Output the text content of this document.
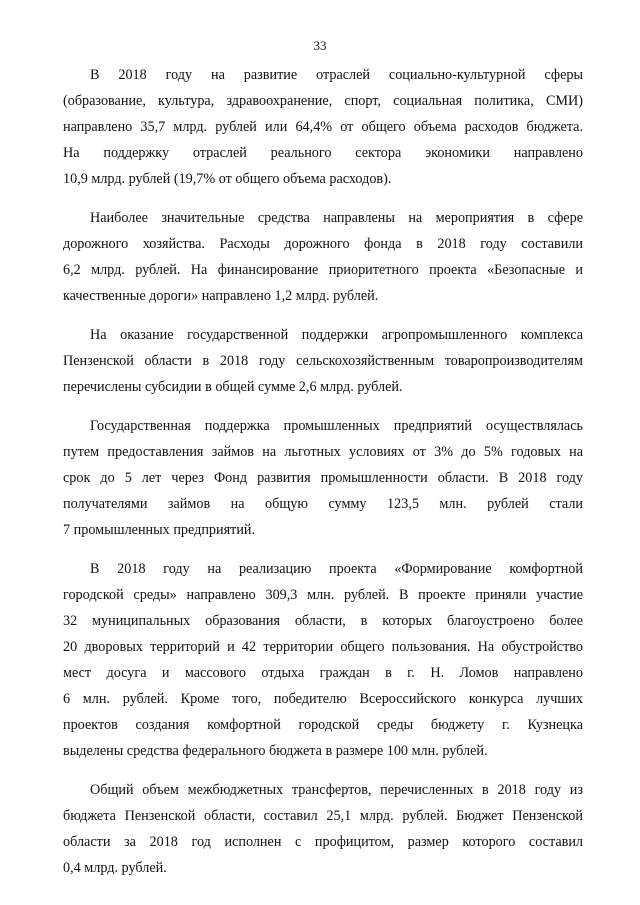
33

В 2018 году на развитие отраслей социально-культурной сферы
(образование, культура, здравоохранение, спорт, социальная политика, СМИ)
направлено 35,7 млрд. рублей или 64,4% от общего объема расходов бюджета.
На поддержку отраслей реального сектора экономики направлено
10,9 млрд. рублей (19,7% от общего объема расходов).

Наиболее значительные средства направлены на мероприятия в сфере
дорожного хозяйства. Расходы дорожного фонда в 2018 году составили
6,2 млрд. рублей. На финансирование приоритетного проекта «Безопасные и
качественные дороги» направлено 1,2 млрд. рублей.

На оказание государственной поддержки агропромышленного комплекса
Пензенской области в 2018 году сельскохозяйственным товаропроизводителям
перечислены субсидии в общей сумме 2,6 млрд. рублей.

Государственная поддержка промышленных предприятий осуществлялась
путем предоставления займов на льготных условиях от 3% до 5% годовых на
срок до 5 лет через Фонд развития промышленности области. В 2018 году
получателями займов на общую сумму 123,5 млн. рублей стали
7 промышленных предприятий.

В 2018 году на реализацию проекта «Формирование комфортной
городской среды» направлено 309,3 млн. рублей. В проекте приняли участие
32 муниципальных образования области, в которых благоустроено более
20 дворовых территорий и 42 территории общего пользования. На обустройство
мест досуга и массового отдыха граждан в г. Н. Ломов направлено
6 млн. рублей. Кроме того, победителю Всероссийского конкурса лучших
проектов создания комфортной городской среды бюджету г. Кузнецка
выделены средства федерального бюджета в размере 100 млн. рублей.

Общий объем межбюджетных трансфертов, перечисленных в 2018 году из
бюджета Пензенской области, составил 25,1 млрд. рублей. Бюджет Пензенской
области за 2018 год исполнен с профицитом, размер которого составил
0,4 млрд. рублей.
